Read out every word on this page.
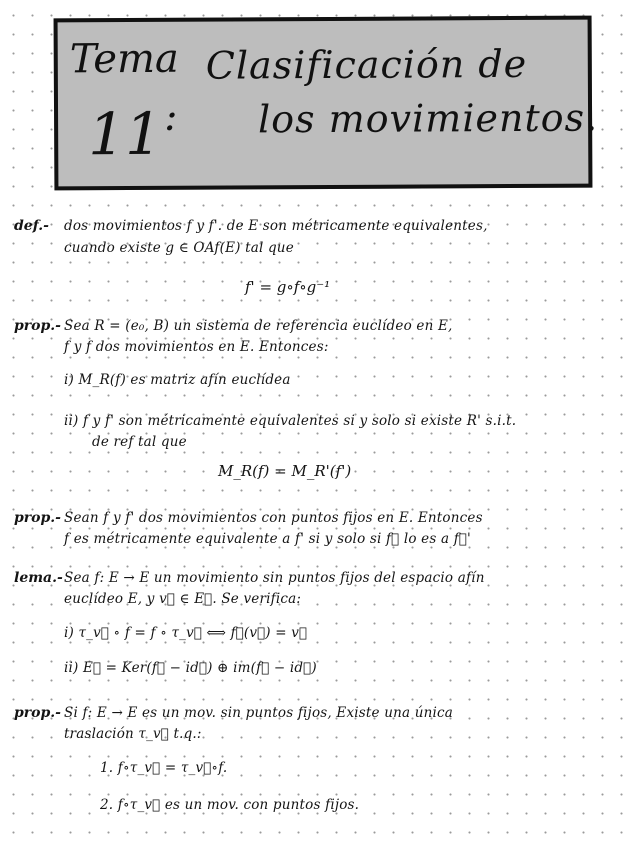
Tema
11 :
Clasificación de
los movimientos.
def.- dos movimientos f y f'. de E son métricamente equivalentes,
cuando existe g ∈ OAf(E) tal que
f' = g∘f∘g⁻¹
prop.- Sea R = (e₀, B) un sistema de referencia euclídeo en E,
f y f dos movimientos en E. Entonces:
i) M_R(f) es matriz afín euclídea
ii) f y f' son métricamente equivalentes si y solo si existe R' s.i.t.
de ref tal que
M_R(f) = M_R'(f')
prop.- Sean f y f' dos movimientos con puntos fijos en E. Entonces
f es métricamente equivalente a f' si y solo si f⃗ lo es a f⃗'
lema.- Sea f: E → E un movimiento sin puntos fijos del espacio afín
euclídeo E, y v⃗ ∈ E⃗. Se verifica:
i) τ_v⃗ ∘ f = f ∘ τ_v⃗ ⟺ f⃗(v⃗) = v⃗
ii) E⃗ = Ker(f⃗ − id⃗) ⊕ im(f⃗ − id⃗)
prop.- Si f: E → E es un mov. sin puntos fijos, Existe una única
traslación τ_v⃗ t.q.:
1. f∘τ_v⃗ = τ_v⃗∘f.
2. f∘τ_v⃗ es un mov. con puntos fijos.
